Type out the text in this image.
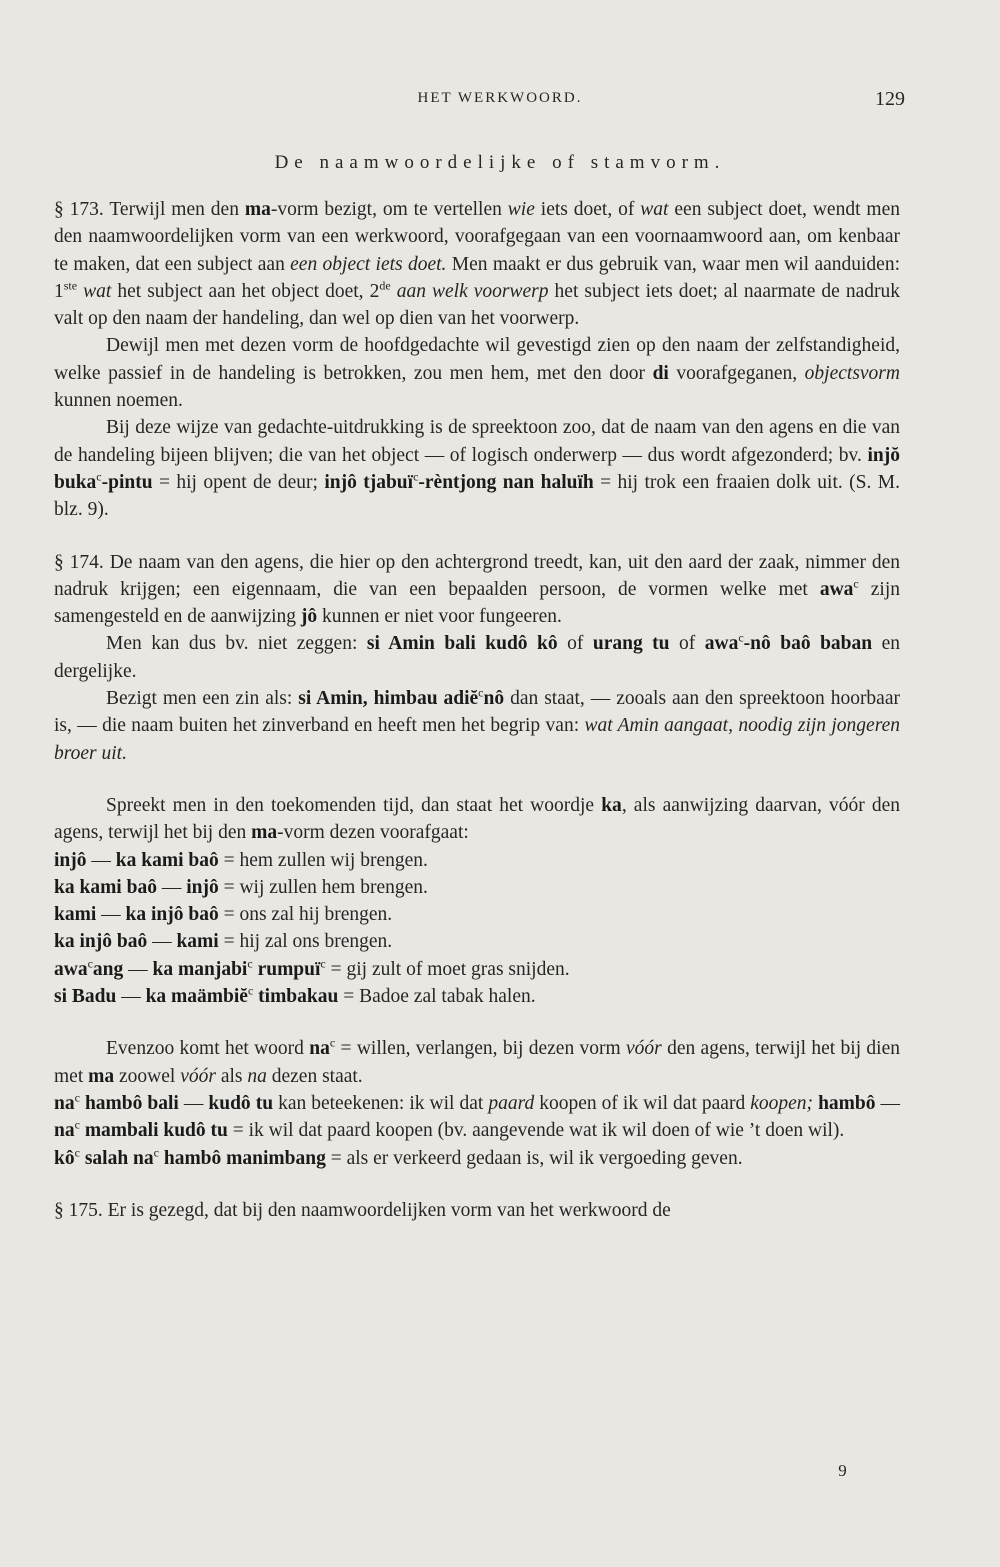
HET WERKWOORD.	129
De naamwoordelijke of stamvorm.

§ 173. Terwijl men den ma-vorm bezigt, om te vertellen wie iets doet, of wat een subject doet, wendt men den naamwoordelijken vorm van een werkwoord, voorafgegaan van een voornaamwoord aan, om kenbaar te maken, dat een subject aan een object iets doet. Men maakt er dus gebruik van, waar men wil aanduiden: 1ste wat het subject aan het object doet, 2de aan welk voorwerp het subject iets doet; al naarmate de nadruk valt op den naam der handeling, dan wel op dien van het voorwerp.

Dewijl men met dezen vorm de hoofdgedachte wil gevestigd zien op den naam der zelfstandigheid, welke passief in de handeling is betrokken, zou men hem, met den door di voorafgeganen, objectsvorm kunnen noemen.

Bij deze wijze van gedachte-uitdrukking is de spreektoon zoo, dat de naam van den agens en die van de handeling bijeen blijven; die van het object — of logisch onderwerp — dus wordt afgezonderd; bv. injŏ buka$^c$-pintu = hij opent de deur; injô tjabuï$^c$-rèntjong nan haluïh = hij trok een fraaien dolk uit. (S. M. blz. 9).

§ 174. De naam van den agens, die hier op den achtergrond treedt, kan, uit den aard der zaak, nimmer den nadruk krijgen; een eigennaam, die van een bepaalden persoon, de vormen welke met awa$^c$ zijn samengesteld en de aanwijzing jô kunnen er niet voor fungeeren.

Men kan dus bv. niet zeggen: si Amin bali kudô kô of urang tu of awa$^c$-nô baô baban en dergelijke.

Bezigt men een zin als: si Amin, himbau adiĕ$^c$nô dan staat, — zooals aan den spreektoon hoorbaar is, — die naam buiten het zinverband en heeft men het begrip van: wat Amin aangaat, noodig zijn jongeren broer uit.

Spreekt men in den toekomenden tijd, dan staat het woordje ka, als aanwijzing daarvan, vóór den agens, terwijl het bij den ma-vorm dezen voorafgaat:

injô — ka kami baô = hem zullen wij brengen.

ka kami baô — injô = wij zullen hem brengen.

kami — ka injô baô = ons zal hij brengen.

ka injô baô — kami = hij zal ons brengen.

awa$^c$ang — ka manjabi$^c$ rumpuï$^c$ = gij zult of moet gras snijden.

si Badu — ka maämbiĕ$^c$ timbakau = Badoe zal tabak halen.

Evenzoo komt het woord $na^c$ = willen, verlangen, bij dezen vorm vóór den agens, terwijl het bij dien met ma zoowel vóór als na dezen staat.

$na^c$ hambô bali — kudô tu kan beteekenen: ik wil dat paard koopen of ik wil dat paard koopen; hambô — $na^c$ mambali kudô tu = ik wil dat paard koopen (bv. aangevende wat ik wil doen of wie ’t doen wil).

$kô^c$ salah $na^c$ hambô manimbang = als er verkeerd gedaan is, wil ik vergoeding geven.

§ 175. Er is gezegd, dat bij den naamwoordelijken vorm van het werkwoord de

9
